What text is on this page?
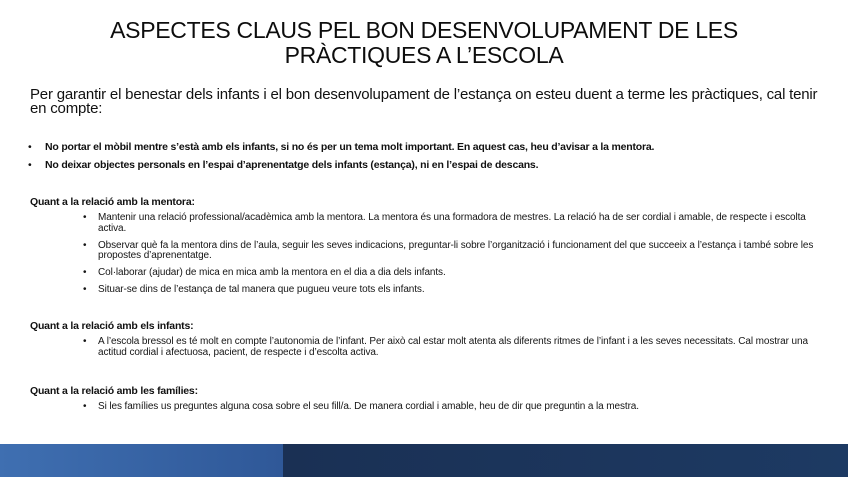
ASPECTES CLAUS PEL BON DESENVOLUPAMENT DE LES PRÀCTIQUES A L’ESCOLA

Per garantir el benestar dels infants i el bon desenvolupament de l’estança on esteu duent a terme les pràctiques, cal tenir en compte:

• No portar el mòbil mentre s’està amb els infants, si no és per un tema molt important. En aquest cas, heu d’avisar a la mentora.
• No deixar objectes personals en l’espai d’aprenentatge dels infants (estança), ni en l’espai de descans.
Quant a la relació amb la mentora:
• Mantenir una relació professional/acadèmica amb la mentora. La mentora és una formadora de mestres. La relació ha de ser cordial i amable, de respecte i escolta activa.
• Observar què fa la mentora dins de l’aula, seguir les seves indicacions, preguntar-li sobre l’organització i funcionament del que succeeix a l’estança i també sobre les propostes d’aprenentatge.
• Col·laborar (ajudar) de mica en mica amb la mentora en el dia a dia dels infants.
• Situar-se dins de l’estança de tal manera que pugueu veure tots els infants.
Quant a la relació amb els infants:
• A l’escola bressol es té molt en compte l’autonomia de l’infant. Per això cal estar molt atenta als diferents ritmes de l’infant i a les seves necessitats. Cal mostrar una actitud cordial i afectuosa, pacient, de respecte i d’escolta activa.
Quant a la relació amb les famílies:
• Si les famílies us preguntes alguna cosa sobre el seu fill/a. De manera cordial i amable, heu de dir que preguntin a la mestra.
